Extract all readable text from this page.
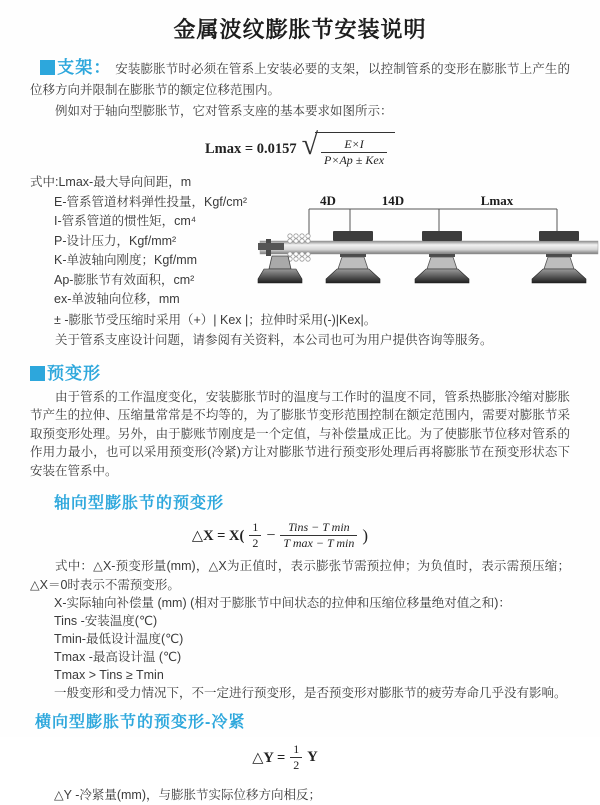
金属波纹膨胀节安装说明
支架： 安装膨胀节时必须在管系上安装必要的支架，以控制管系的变形在膨胀节上产生的位移方向并限制在膨胀节的额定位移范围内。
例如对于轴向型膨胀节，它对管系支座的基本要求如图所示：
Lmax = 0.0157 √ $\frac{E\times I}{\text{P×Ap ± Kex}}$
式中:Lmax-最大导向间距，m
E-管系管道材料弹性投量，Kgf/cm²
I-管系管道的惯性矩，cm⁴
P-设计压力，Kgf/mm²
K-单波轴向刚度；Kgf/mm
Ap-膨胀节有效面积，cm²
ex-单波轴向位移，mm
4D	14D	Lmax
± -膨胀节受压缩时采用（+）| Kex |；拉伸时采用(-)|Kex|。
关于管系支座设计问题，请参阅有关资料，本公司也可为用户提供咨询等服务。
预变形
由于管系的工作温度变化，安装膨胀节时的温度与工作时的温度不同，管系热膨胀冷缩对膨胀节产生的拉伸、压缩量常常是不均等的，为了膨胀节变形范围控制在额定范围内，需要对膨胀节采取预变形处理。另外，由于膨账节刚度是一个定值，与补偿量成正比。为了使膨胀节位移对管系的作用力最小，也可以采用预变形(冷紧)方让对膨胀节进行预变形处理后再将膨胀节在预变形状态下安装在管系中。
轴向型膨胀节的预变形
△X = $X( \frac{1}{2} - \frac{\text{Tins − T min}}{\text{T max − T min}}$ )
式中：△X-预变形量(mm)，△X为正值时，表示膨张节需预拉伸；为负值时，表示需预压缩；△X＝0时表示不需预变形。
X-实际轴向补偿量 (mm) (相对于膨胀节中间状态的拉伸和压缩位移量绝对值之和)：
Tins -安装温度(℃)
Tmin-最低设计温度(℃)
Tmax -最高设计温 (℃)
Tmax > Tins ≥ Tmin
一般变形和受力情况下，不一定进行预变形，是否预变形对膨胀节的疲劳寿命几乎没有影响。
横向型膨胀节的预变形-冷紧
△Y = $\frac{1}{2}$ Y
△Y -冷紧量(mm)，与膨胀节实际位移方向相反；
